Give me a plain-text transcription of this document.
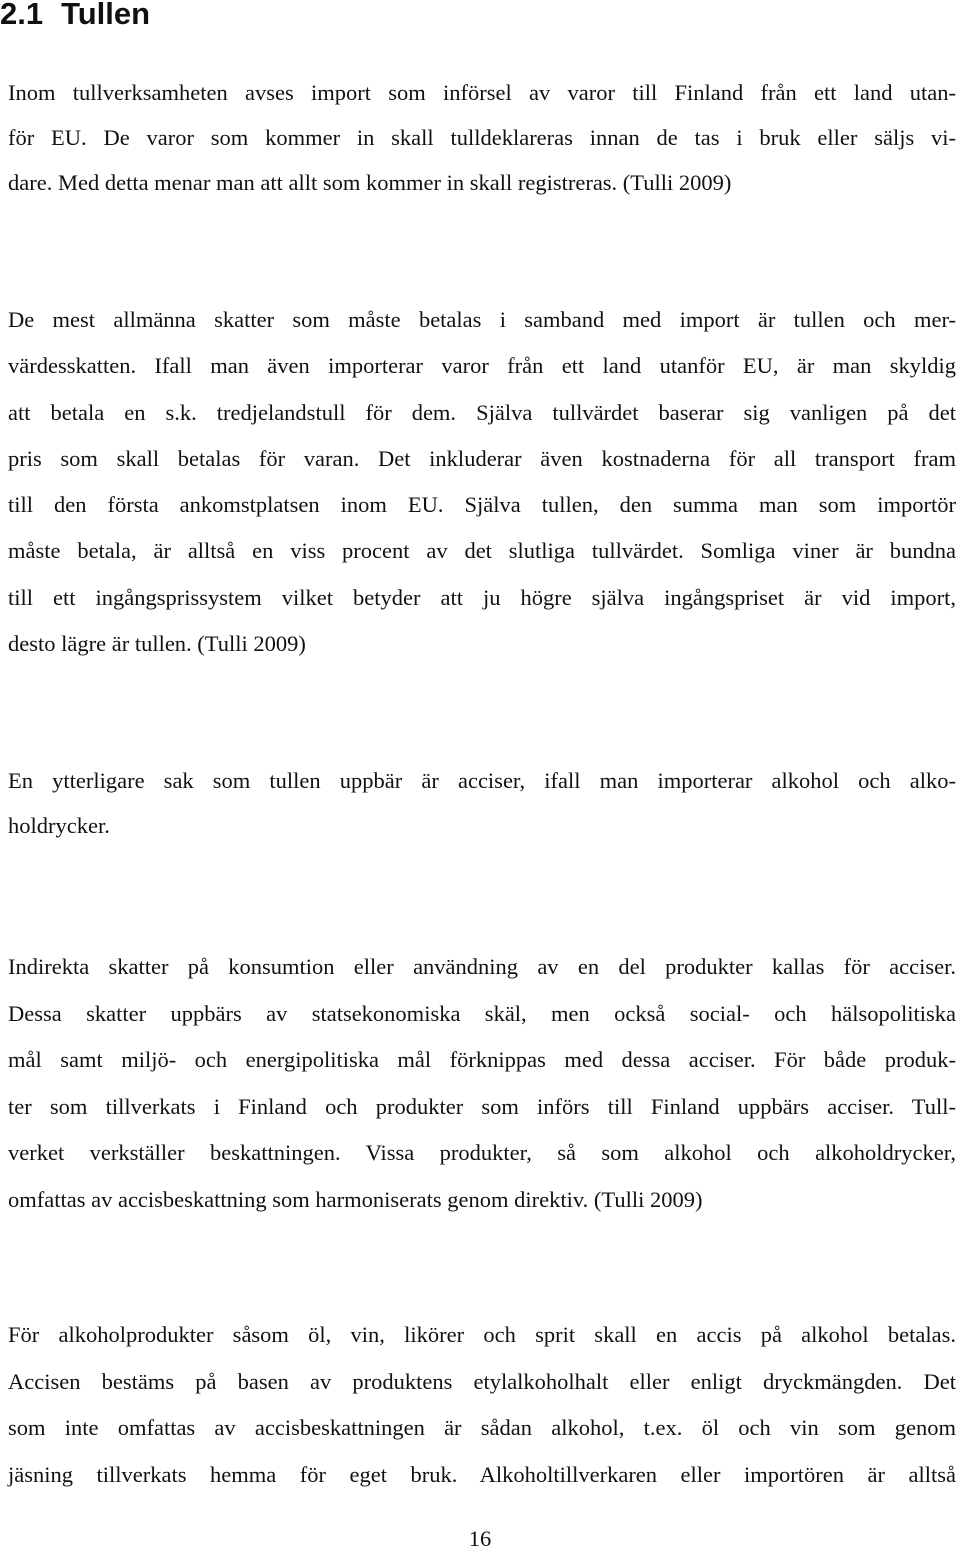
2.1 Tullen
Inom tullverksamheten avses import som införsel av varor till Finland från ett land utan-
för EU. De varor som kommer in skall tulldeklareras innan de tas i bruk eller säljs vi-
dare. Med detta menar man att allt som kommer in skall registreras. (Tulli 2009)
De mest allmänna skatter som måste betalas i samband med import är tullen och mer-
värdesskatten. Ifall man även importerar varor från ett land utanför EU, är man skyldig
att betala en s.k. tredjelandstull för dem. Själva tullvärdet baserar sig vanligen på det
pris som skall betalas för varan. Det inkluderar även kostnaderna för all transport fram
till den första ankomstplatsen inom EU. Själva tullen, den summa man som importör
måste betala, är alltså en viss procent av det slutliga tullvärdet. Somliga viner är bundna
till ett ingångsprissystem vilket betyder att ju högre själva ingångspriset är vid import,
desto lägre är tullen. (Tulli 2009)
En ytterligare sak som tullen uppbär är acciser, ifall man importerar alkohol och alko-
holdrycker.
Indirekta skatter på konsumtion eller användning av en del produkter kallas för acciser.
Dessa skatter uppbärs av statsekonomiska skäl, men också social- och hälsopolitiska
mål samt miljö- och energipolitiska mål förknippas med dessa acciser. För både produk-
ter som tillverkats i Finland och produkter som införs till Finland uppbärs acciser. Tull-
verket verkställer beskattningen. Vissa produkter, så som alkohol och alkoholdrycker,
omfattas av accisbeskattning som harmoniserats genom direktiv. (Tulli 2009)
För alkoholprodukter såsom öl, vin, likörer och sprit skall en accis på alkohol betalas.
Accisen bestäms på basen av produktens etylalkoholhalt eller enligt dryckmängden. Det
som inte omfattas av accisbeskattningen är sådan alkohol, t.ex. öl och vin som genom
jäsning tillverkats hemma för eget bruk. Alkoholtillverkaren eller importören är alltså
16
